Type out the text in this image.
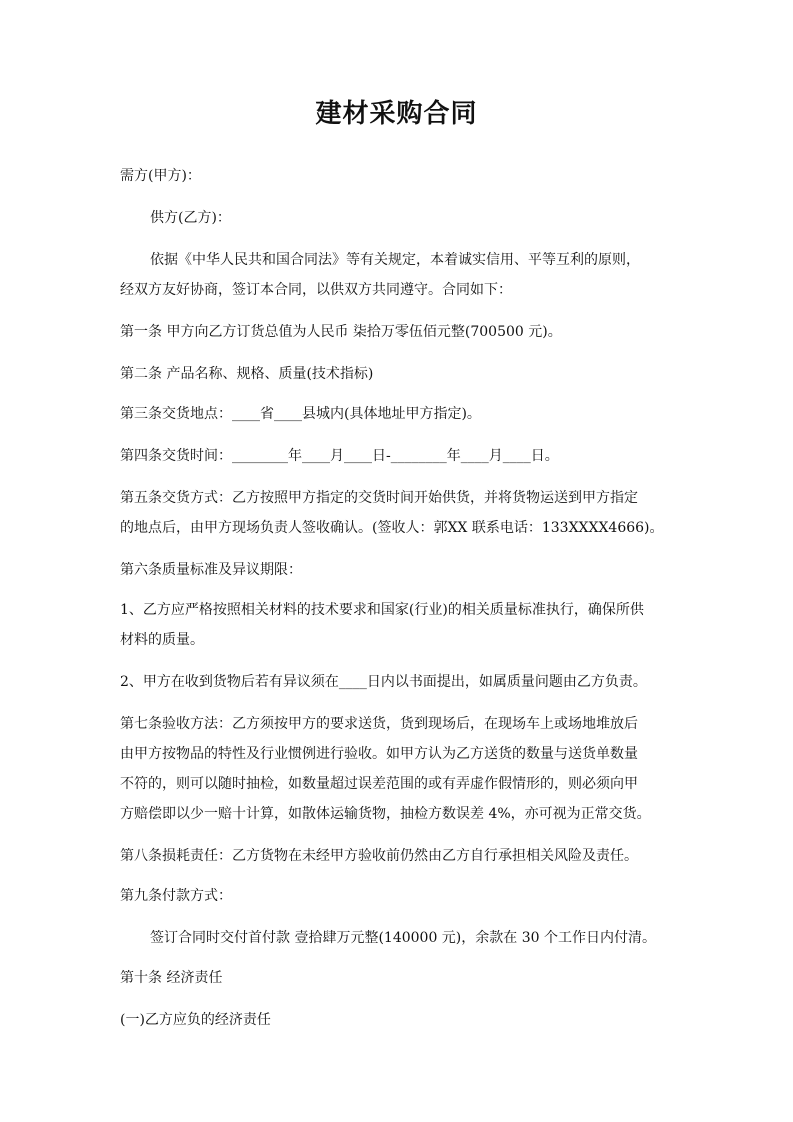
建材采购合同
需方(甲方)：
供方(乙方)：
依据《中华人民共和国合同法》等有关规定，本着诚实信用、平等互利的原则，
经双方友好协商，签订本合同，以供双方共同遵守。合同如下：
第一条 甲方向乙方订货总值为人民币 柒拾万零伍佰元整(700500 元)。
第二条 产品名称、规格、质量(技术指标)
第三条交货地点：____省____县城内(具体地址甲方指定)。
第四条交货时间：________年____月____日-________年____月____日。
第五条交货方式：乙方按照甲方指定的交货时间开始供货，并将货物运送到甲方指定
的地点后，由甲方现场负责人签收确认。(签收人：郭XX 联系电话：133XXXX4666)。
第六条质量标准及异议期限：
1、乙方应严格按照相关材料的技术要求和国家(行业)的相关质量标准执行，确保所供
材料的质量。
2、甲方在收到货物后若有异议须在____日内以书面提出，如属质量问题由乙方负责。
第七条验收方法：乙方须按甲方的要求送货，货到现场后，在现场车上或场地堆放后
由甲方按物品的特性及行业惯例进行验收。如甲方认为乙方送货的数量与送货单数量
不符的，则可以随时抽检，如数量超过误差范围的或有弄虚作假情形的，则必须向甲
方赔偿即以少一赔十计算，如散体运输货物，抽检方数误差 4%，亦可视为正常交货。
第八条损耗责任：乙方货物在未经甲方验收前仍然由乙方自行承担相关风险及责任。
第九条付款方式：
签订合同时交付首付款 壹拾肆万元整(140000 元)，余款在 30 个工作日内付清。
第十条 经济责任
(一)乙方应负的经济责任
